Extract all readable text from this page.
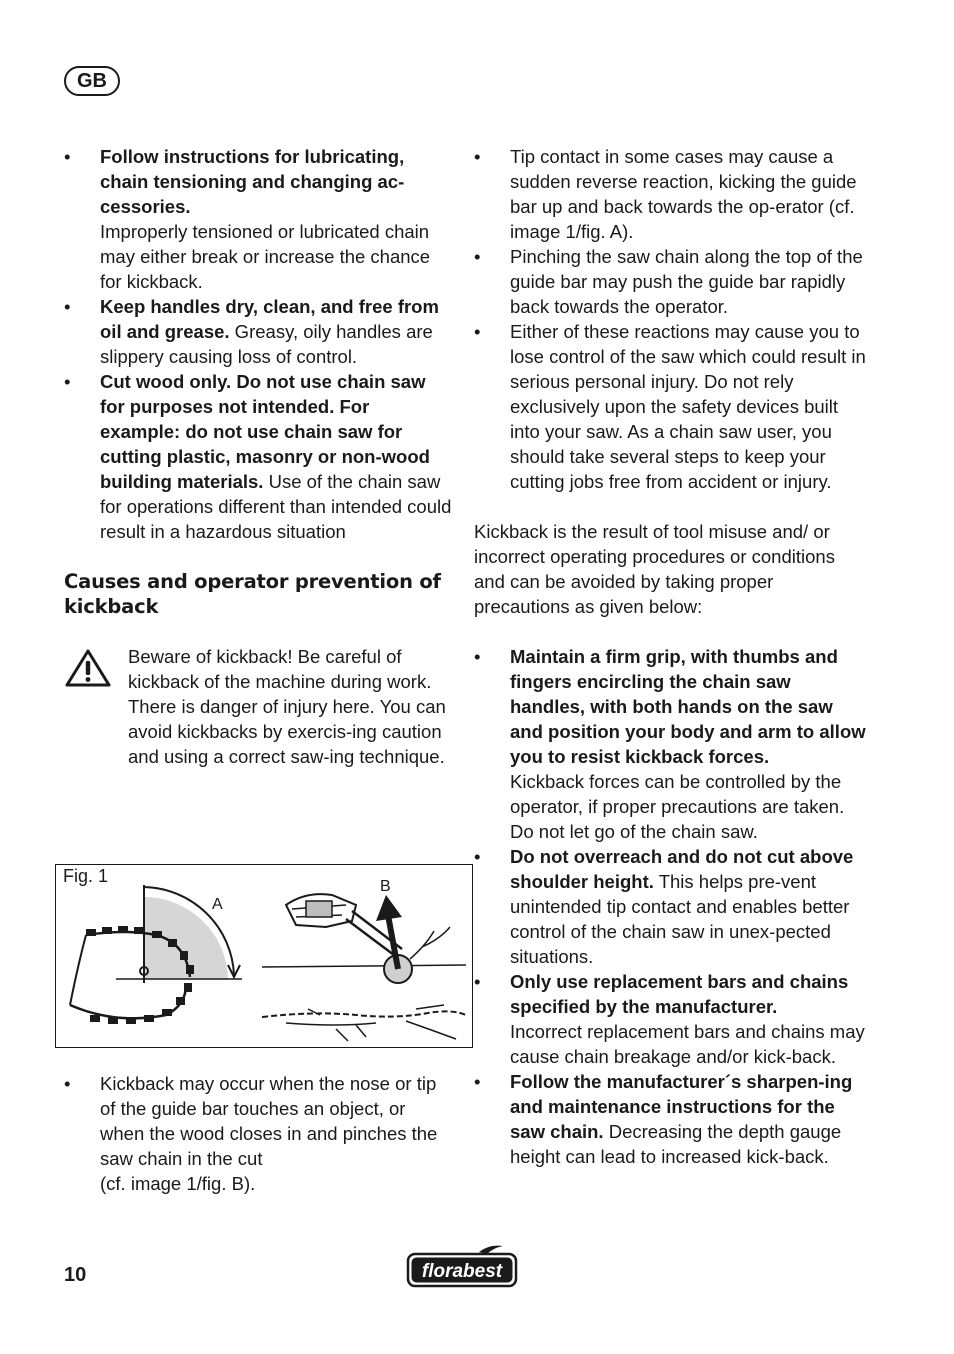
GB
•
Follow instructions for lubricating, chain tensioning and changing ac-cessories.
Improperly tensioned or lubricated chain may either break or increase the chance for kickback.
•
Keep handles dry, clean, and free from oil and grease. Greasy, oily handles are slippery causing loss of control.
•
Cut wood only. Do not use chain saw for purposes not intended. For example: do not use chain saw for cutting plastic, masonry or non-wood building materials. Use of the chain saw for operations different than intended could result in a hazardous situation
Causes and operator prevention of kickback
Beware of kickback! Be careful of kickback of the machine during work. There is danger of injury here. You can avoid kickbacks by exercis-ing caution and using a correct saw-ing technique.
Fig. 1
A
B
•
Kickback may occur when the nose or tip of the guide bar touches an object, or when the wood closes in and pinches the saw chain in the cut
(cf. image 1/fig. B).
•
Tip contact in some cases may cause a sudden reverse reaction, kicking the guide bar up and back towards the op-erator (cf. image 1/fig. A).
•
Pinching the saw chain along the top of the guide bar may push the guide bar rapidly back towards the operator.
•
Either of these reactions may cause you to lose control of the saw which could result in serious personal injury. Do not rely exclusively upon the safety devices built into your saw. As a chain saw user, you should take several steps to keep your cutting jobs free from accident or injury.

Kickback is the result of tool misuse and/ or incorrect operating procedures or conditions and can be avoided by taking proper precautions as given below:

•
Maintain a firm grip, with thumbs and fingers encircling the chain saw handles, with both hands on the saw and position your body and arm to allow you to resist kickback forces.
Kickback forces can be controlled by the operator, if proper precautions are taken. Do not let go of the chain saw.
•
Do not overreach and do not cut above shoulder height. This helps pre-vent unintended tip contact and enables better control of the chain saw in unex-pected situations.
•
Only use replacement bars and chains specified by the manufacturer.
Incorrect replacement bars and chains may cause chain breakage and/or kick-back.
•
Follow the manufacturer´s sharpen-ing and maintenance instructions for the saw chain. Decreasing the depth gauge height can lead to increased kick-back.
10	florabest
